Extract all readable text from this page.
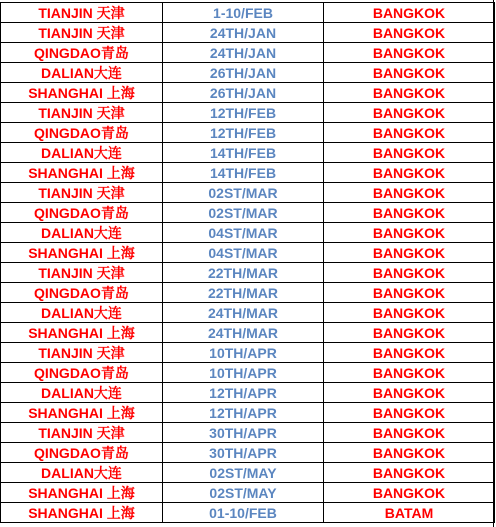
TIANJIN 天津	1-10/FEB	BANGKOK
TIANJIN 天津	24TH/JAN	BANGKOK
QINGDAO青岛	24TH/JAN	BANGKOK
DALIAN大连	26TH/JAN	BANGKOK
SHANGHAI 上海	26TH/JAN	BANGKOK
TIANJIN 天津	12TH/FEB	BANGKOK
QINGDAO青岛	12TH/FEB	BANGKOK
DALIAN大连	14TH/FEB	BANGKOK
SHANGHAI 上海	14TH/FEB	BANGKOK
TIANJIN 天津	02ST/MAR	BANGKOK
QINGDAO青岛	02ST/MAR	BANGKOK
DALIAN大连	04ST/MAR	BANGKOK
SHANGHAI 上海	04ST/MAR	BANGKOK
TIANJIN 天津	22TH/MAR	BANGKOK
QINGDAO青岛	22TH/MAR	BANGKOK
DALIAN大连	24TH/MAR	BANGKOK
SHANGHAI 上海	24TH/MAR	BANGKOK
TIANJIN 天津	10TH/APR	BANGKOK
QINGDAO青岛	10TH/APR	BANGKOK
DALIAN大连	12TH/APR	BANGKOK
SHANGHAI 上海	12TH/APR	BANGKOK
TIANJIN 天津	30TH/APR	BANGKOK
QINGDAO青岛	30TH/APR	BANGKOK
DALIAN大连	02ST/MAY	BANGKOK
SHANGHAI 上海	02ST/MAY	BANGKOK
SHANGHAI 上海	01-10/FEB	BATAM
